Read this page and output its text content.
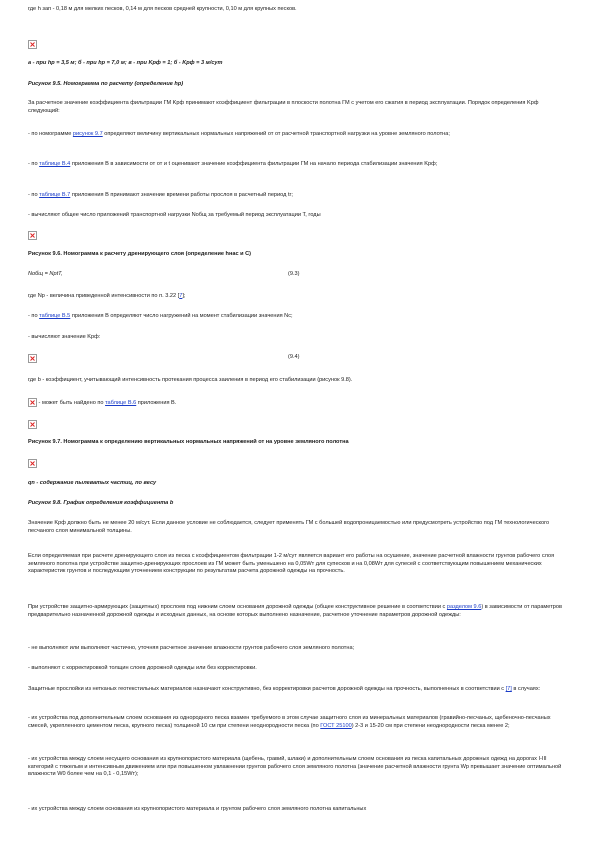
где h зап - 0,18 м для мелких песков, 0,14 м для песков средней крупности, 0,10 м для крупных песков.

а - при hр = 3,5 м; б - при hр = 7,0 м; в - при Kрф = 1; б - Kрф = 3 м/сут

Рисунок 9.5. Номограмма по расчету (определение hр)

За расчетное значение коэффициента фильтрации ГМ Kрф принимают коэффициент фильтрации в плоскости полотна ГМ с учетом его сжатия в период эксплуатации. Порядок определения Kрф следующий:

- по номограмме рисунок 9.7 определяют величину вертикальных нормальных напряжений от от расчетной транспортной нагрузки на уровне земляного полотна;

- по таблице В.4 приложения В в зависимости от от и t оценивают значение коэффициента фильтрации ГМ на начало периода стабилизации значения Kрф;

- по таблице В.7 приложения В принимают значение времени работы прослоя в расчетный период tr;

- вычисляют общее число приложений транспортной нагрузки Nобщ за требуемый период эксплуатации T, годы

Рисунок 9.6. Номограмма к расчету дренирующего слоя (определение hнас и С)

Nобщ = NрtT,	(9.3)

где Nр - величина приведенной интенсивности по п. 3.22 [7];

- по таблице В.5 приложения В определяют число нагружений на момент стабилизации значения Nс;

- вычисляют значение Kрф:

(9.4)

где b - коэффициент, учитывающий интенсивность протекания процесса заиления в период его стабилизации (рисунок 9.8).

- может быть найдено по таблице В.6 приложения В.

Рисунок 9.7. Номограмма к определению вертикальных нормальных напряжений от на уровне земляного полотна

qn - содержание пылеватых частиц, по весу

Рисунок 9.8. График определения коэффициента b

Значение Kрф должно быть не менее 20 м/сут. Если данное условие не соблюдается, следует применять ГМ с большей водопроницаемостью или предусмотреть устройство под ГМ технологического песчаного слоя минимальной толщины.

Если определяемая при расчете дренирующего слоя из песка с коэффициентом фильтрации 1-2 м/сут является вариант его работы на осушение, значение расчетной влажности грунтов рабочего слоя земляного полотна при устройстве защитно-дренирующих прослоев из ГМ может быть уменьшено на 0,05Wт для супесков и на 0,08Wт для супесей с соответствующим повышением механических характеристик грунтов и последующим уточнением конструкции по результатам расчета дорожной одежды на прочность.

При устройстве защитно-армирующих (защитных) прослоев под нижним слоем основания дорожной одежды (общее конструктивное решение в соответствии с разделом 9.6) в зависимости от параметров предварительно назначенной дорожной одежды и исходных данных, на основе которых выполнено назначение, расчетное уточнение параметров дорожной одежды:

- не выполняют или выполняют частично, уточняя расчетное значение влажности грунтов рабочего слоя земляного полотна;

- выполняют с корректировкой толщин слоев дорожной одежды или без корректировки.

Защитные прослойки из нетканых геотекстильных материалов назначают конструктивно, без корректировки расчетов дорожной одежды на прочность, выполненных в соответствии с [7] в случаях:

- их устройства под дополнительным слоем основания из однородного песка взамен требуемого в этом случае защитного слоя из минеральных материалов (гравийно-песчаных, щебеночно-песчаных смесей, укрепленного цементом песка, крупного песка) толщиной 10 см при степени неоднородности песка (по ГОСТ 25100) 2-3 и 15-20 см при степени неоднородности песка менее 2;

- их устройства между слоем несущего основания из крупнопористого материала (щебень, гравий, шлаки) и дополнительным слоем основания из песка капитальных дорожных одежд на дорогах I-III категорий с тяжелым и интенсивным движением или при повышенном увлажнении грунтов рабочего слоя земляного полотна (значение расчетной влажности грунта Wр превышает значение оптимальной влажности W0 более чем на 0,1 - 0,15Wт);

- их устройства между слоем основания из крупнопористого материала и грунтом рабочего слоя земляного полотна капитальных
